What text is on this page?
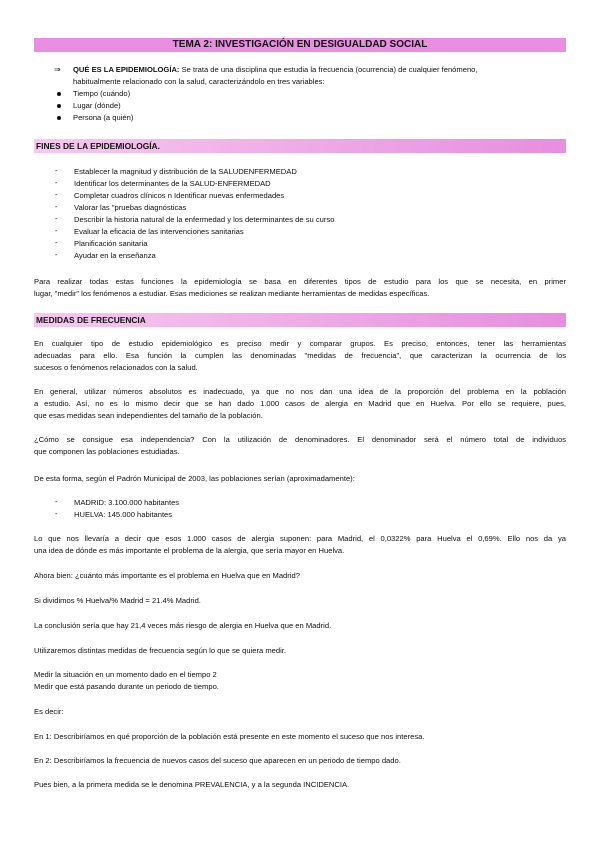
TEMA 2: INVESTIGACIÓN EN DESIGUALDAD SOCIAL
⇒ QUÉ ES LA EPIDEMIOLOGÍA: Se trata de una disciplina que estudia la frecuencia (ocurrencia) de cualquier fenómeno,
habitualmente relacionado con la salud, caracterizándolo en tres variables:
Tiempo (cuándo)
Lugar (dónde)
Persona (a quién)
FINES DE LA EPIDEMIOLOGÍA.
- Establecer la magnitud y distribución de la SALUDENFERMEDAD
- Identificar los determinantes de la SALUD-ENFERMEDAD
- Completar cuadros clínicos n Identificar nuevas enfermedades
- Valorar las "pruebas diagnósticas
- Describir la historia natural de la enfermedad y los determinantes de su curso
- Evaluar la eficacia de las intervenciones sanitarias
- Planificación sanitaria
- Ayudar en la enseñanza
Para realizar todas estas funciones la epidemiología se basa en diferentes tipos de estudio para los que se necesita, en primer
lugar, "medir" los fenómenos a estudiar. Esas mediciones se realizan mediante herramientas de medidas específicas.
MEDIDAS DE FRECUENCIA
En cualquier tipo de estudio epidemiológico es preciso medir y comparar grupos. Es preciso, entonces, tener las herramientas
adecuadas para ello. Esa función la cumplen las denominadas "medidas de frecuencia", que caracterizan la ocurrencia de los
sucesos o fenómenos relacionados con la salud.
En general, utilizar números absolutos es inadecuado, ya que no nos dan una idea de la proporción del problema en la población
a estudio. Así, no es lo mismo decir que se han dado 1.000 casos de alergia en Madrid que en Huelva. Por ello se requiere, pues,
que esas medidas sean independientes del tamaño de la población.
¿Cómo se consigue esa independencia? Con la utilización de denominadores. El denominador será el número total de individuos
que componen las poblaciones estudiadas.
De esta forma, según el Padrón Municipal de 2003, las poblaciones serían (aproximadamente):
- MADRID: 3.100.000 habitantes
- HUELVA: 145.000 habitantes
Lo que nos llevaría a decir que esos 1.000 casos de alergia suponen: para Madrid, el 0,0322% para Huelva el 0,69%. Ello nos da ya
una idea de dónde es más importante el problema de la alergia, que sería mayor en Huelva.
Ahora bien: ¿cuánto más importante es el problema en Huelva que en Madrid?
Si dividimos % Huelva/% Madrid = 21.4% Madrid.
La conclusión sería que hay 21,4 veces más riesgo de alergia en Huelva que en Madrid.
Utilizaremos distintas medidas de frecuencia según lo que se quiera medir.
Medir la situación en un momento dado en el tiempo 2
Medir que está pasando durante un periodo de tiempo.
Es decir:
En 1: Describiríamos en qué proporción de la población está presente en este momento el suceso que nos interesa.
En 2: Describiríamos la frecuencia de nuevos casos del suceso que aparecen en un periodo de tiempo dado.
Pues bien, a la primera medida se le denomina PREVALENCIA, y a la segunda INCIDENCIA.
